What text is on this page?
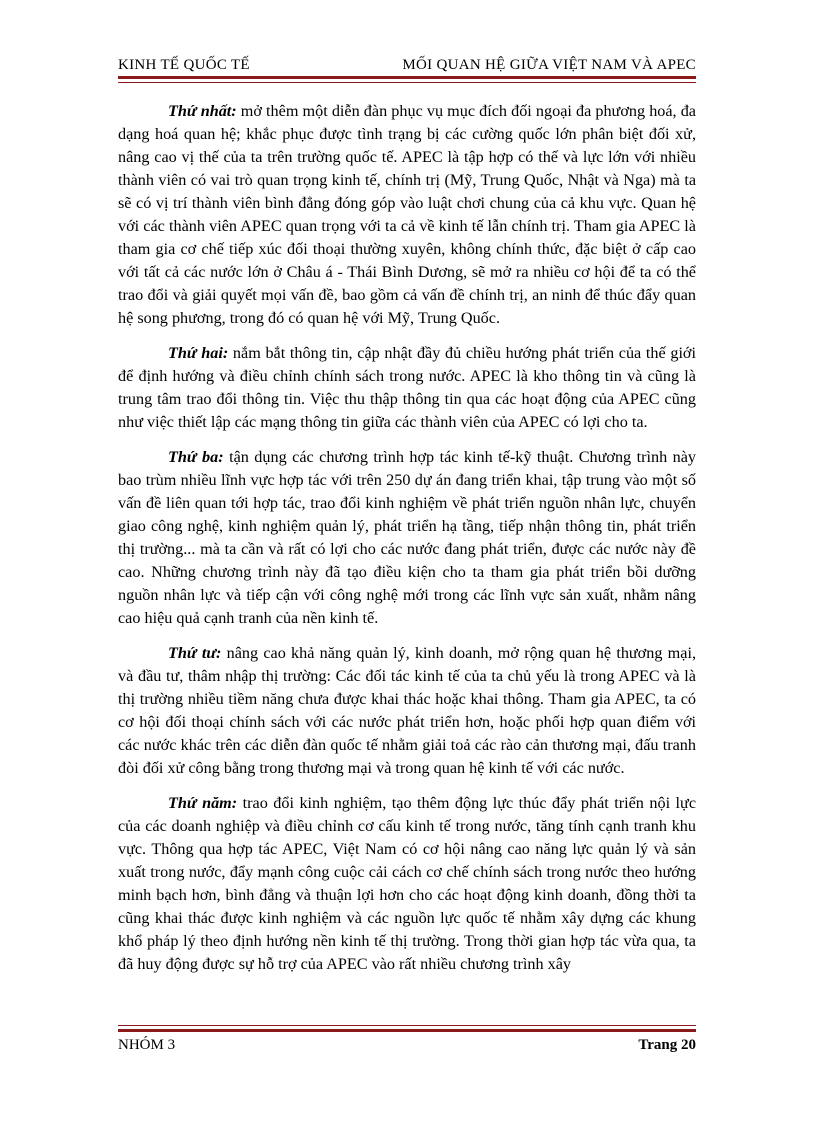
KINH TẾ QUỐC TẾ	MỐI QUAN HỆ GIỮA VIỆT NAM VÀ APEC

Thứ nhất: mở thêm một diễn đàn phục vụ mục đích đối ngoại đa phương hoá, đa dạng hoá quan hệ; khắc phục được tình trạng bị các cường quốc lớn phân biệt đối xử, nâng cao vị thế của ta trên trường quốc tế. APEC là tập hợp có thế và lực lớn với nhiều thành viên có vai trò quan trọng kinh tế, chính trị (Mỹ, Trung Quốc, Nhật và Nga) mà ta sẽ có vị trí thành viên bình đẳng đóng góp vào luật chơi chung của cả khu vực. Quan hệ với các thành viên APEC quan trọng với ta cả về kinh tế lẫn chính trị. Tham gia APEC là tham gia cơ chế tiếp xúc đối thoại thường xuyên, không chính thức, đặc biệt ở cấp cao với tất cả các nước lớn ở Châu á - Thái Bình Dương, sẽ mở ra nhiều cơ hội để ta có thể trao đổi và giải quyết mọi vấn đề, bao gồm cả vấn đề chính trị, an ninh để thúc đẩy quan hệ song phương, trong đó có quan hệ với Mỹ, Trung Quốc.

Thứ hai: nắm bắt thông tin, cập nhật đầy đủ chiều hướng phát triển của thế giới để định hướng và điều chỉnh chính sách trong nước. APEC là kho thông tin và cũng là trung tâm trao đổi thông tin. Việc thu thập thông tin qua các hoạt động của APEC cũng như việc thiết lập các mạng thông tin giữa các thành viên của APEC có lợi cho ta.

Thứ ba: tận dụng các chương trình hợp tác kinh tế-kỹ thuật. Chương trình này bao trùm nhiều lĩnh vực hợp tác với trên 250 dự án đang triển khai, tập trung vào một số vấn đề liên quan tới hợp tác, trao đổi kinh nghiệm về phát triển nguồn nhân lực, chuyển giao công nghệ, kinh nghiệm quản lý, phát triển hạ tầng, tiếp nhận thông tin, phát triển thị trường... mà ta cần và rất có lợi cho các nước đang phát triển, được các nước này đề cao. Những chương trình này đã tạo điều kiện cho ta tham gia phát triển bồi dưỡng nguồn nhân lực và tiếp cận với công nghệ mới trong các lĩnh vực sản xuất, nhằm nâng cao hiệu quả cạnh tranh của nền kinh tế.

Thứ tư: nâng cao khả năng quản lý, kinh doanh, mở rộng quan hệ thương mại, và đầu tư, thâm nhập thị trường: Các đối tác kinh tế của ta chủ yếu là trong APEC và là thị trường nhiều tiềm năng chưa được khai thác hoặc khai thông. Tham gia APEC, ta có cơ hội đối thoại chính sách với các nước phát triển hơn, hoặc phối hợp quan điểm với các nước khác trên các diễn đàn quốc tế nhằm giải toả các rào cản thương mại, đấu tranh đòi đối xử công bằng trong thương mại và trong quan hệ kinh tế với các nước.

Thứ năm: trao đổi kinh nghiệm, tạo thêm động lực thúc đẩy phát triển nội lực của các doanh nghiệp và điều chỉnh cơ cấu kinh tế trong nước, tăng tính cạnh tranh khu vực. Thông qua hợp tác APEC, Việt Nam có cơ hội nâng cao năng lực quản lý và sản xuất trong nước, đẩy mạnh công cuộc cải cách cơ chế chính sách trong nước theo hướng minh bạch hơn, bình đẳng và thuận lợi hơn cho các hoạt động kinh doanh, đồng thời ta cũng khai thác được kinh nghiệm và các nguồn lực quốc tế nhằm xây dựng các khung khổ pháp lý theo định hướng nền kinh tế thị trường. Trong thời gian hợp tác vừa qua, ta đã huy động được sự hỗ trợ của APEC vào rất nhiều chương trình xây

NHÓM 3	Trang 20
